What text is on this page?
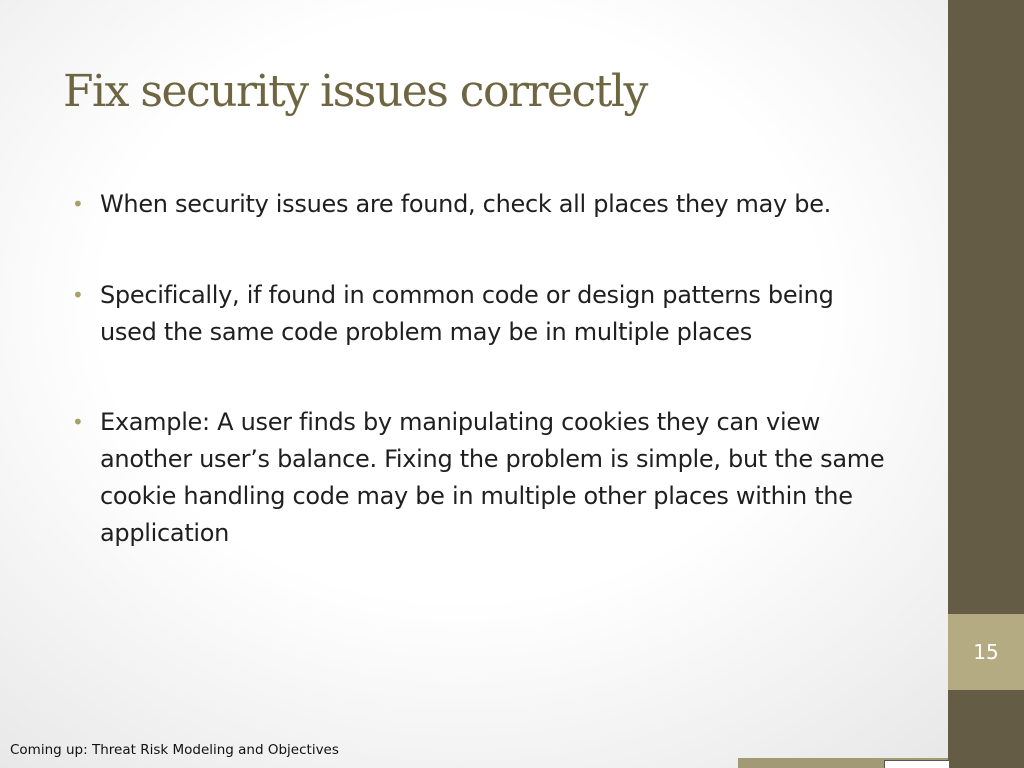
Fix security issues correctly
• When security issues are found, check all places they may be.
• Specifically, if found in common code or design patterns being used the same code problem may be in multiple places
• Example: A user finds by manipulating cookies they can view another user’s balance. Fixing the problem is simple, but the same cookie handling code may be in multiple other places within the application
15
Coming up: Threat Risk Modeling and Objectives
